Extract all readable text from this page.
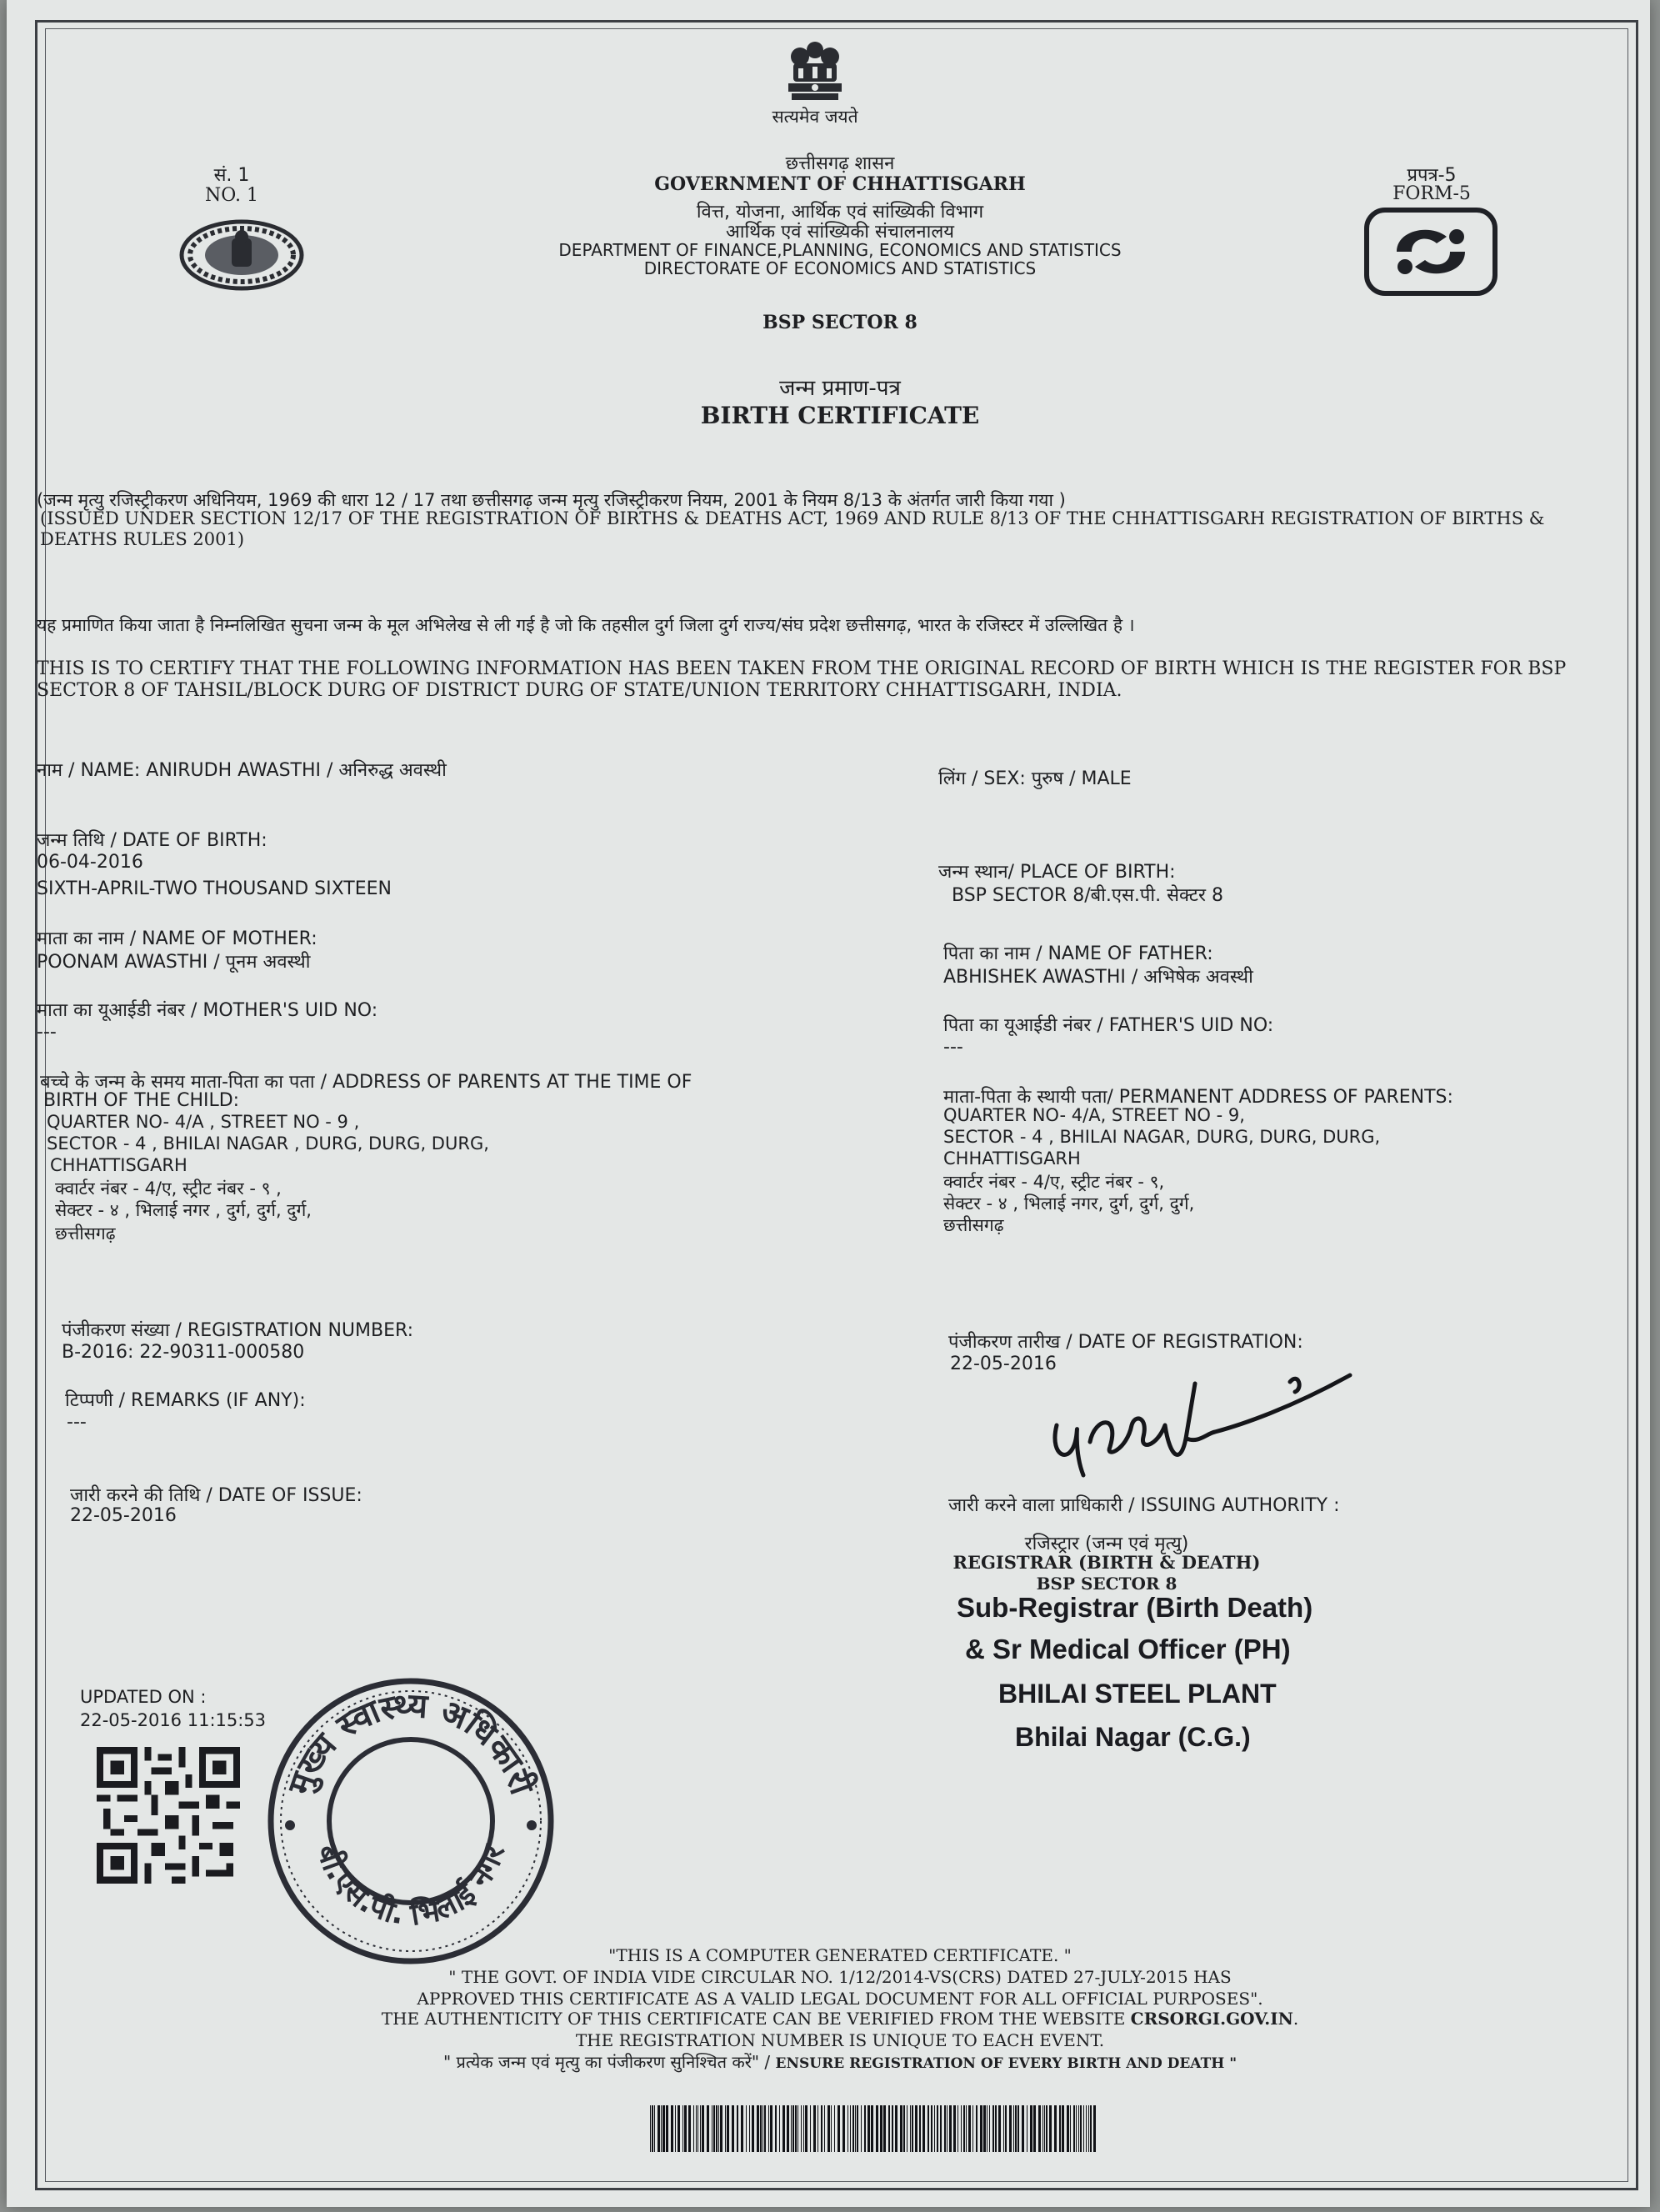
सत्यमेव जयते
सं. 1
NO. 1
प्रपत्र-5
FORM-5
छत्तीसगढ़ शासन
GOVERNMENT OF CHHATTISGARH
वित्त, योजना, आर्थिक एवं सांख्यिकी विभाग
आर्थिक एवं सांख्यिकी संचालनालय
DEPARTMENT OF FINANCE,PLANNING, ECONOMICS AND STATISTICS
DIRECTORATE OF ECONOMICS AND STATISTICS
BSP SECTOR 8
जन्म प्रमाण-पत्र
BIRTH CERTIFICATE
(जन्म मृत्यु रजिस्ट्रीकरण अधिनियम, 1969 की धारा 12 / 17 तथा छत्तीसगढ़ जन्म मृत्यु रजिस्ट्रीकरण नियम, 2001 के नियम 8/13 के अंतर्गत जारी किया गया )
(ISSUED UNDER SECTION 12/17 OF THE REGISTRATION OF BIRTHS & DEATHS ACT, 1969 AND RULE 8/13 OF THE CHHATTISGARH REGISTRATION OF BIRTHS & DEATHS RULES 2001)
यह प्रमाणित किया जाता है निम्नलिखित सुचना जन्म के मूल अभिलेख से ली गई है जो कि तहसील दुर्ग जिला दुर्ग राज्य/संघ प्रदेश छत्तीसगढ़, भारत के रजिस्टर में उल्लिखित है ।
THIS IS TO CERTIFY THAT THE FOLLOWING INFORMATION HAS BEEN TAKEN FROM THE ORIGINAL RECORD OF BIRTH WHICH IS THE REGISTER FOR BSP SECTOR 8 OF TAHSIL/BLOCK DURG OF DISTRICT DURG OF STATE/UNION TERRITORY CHHATTISGARH, INDIA.
नाम / NAME: ANIRUDH AWASTHI / अनिरुद्ध अवस्थी
जन्म तिथि / DATE OF BIRTH:
06-04-2016
SIXTH-APRIL-TWO THOUSAND SIXTEEN
माता का नाम / NAME OF MOTHER:
POONAM AWASTHI / पूनम अवस्थी
माता का यूआईडी नंबर / MOTHER'S UID NO:
---
बच्चे के जन्म के समय माता-पिता का पता / ADDRESS OF PARENTS AT THE TIME OF
BIRTH OF THE CHILD:
QUARTER NO- 4/A , STREET NO - 9 ,
SECTOR - 4 , BHILAI NAGAR , DURG, DURG, DURG,
CHHATTISGARH
क्वार्टर नंबर - 4/ए, स्ट्रीट नंबर - ९ ,
सेक्टर - ४ , भिलाई नगर , दुर्ग, दुर्ग, दुर्ग,
छत्तीसगढ़
पंजीकरण संख्या / REGISTRATION NUMBER:
B-2016: 22-90311-000580
टिप्पणी / REMARKS (IF ANY):
---
जारी करने की तिथि / DATE OF ISSUE:
22-05-2016
लिंग / SEX: पुरुष / MALE
जन्म स्थान/ PLACE OF BIRTH:
BSP SECTOR 8/बी.एस.पी. सेक्टर 8
पिता का नाम / NAME OF FATHER:
ABHISHEK AWASTHI / अभिषेक अवस्थी
पिता का यूआईडी नंबर / FATHER'S UID NO:
---
माता-पिता के स्थायी पता/ PERMANENT ADDRESS OF PARENTS:
QUARTER NO- 4/A, STREET NO - 9,
SECTOR - 4 , BHILAI NAGAR, DURG, DURG, DURG,
CHHATTISGARH
क्वार्टर नंबर - 4/ए, स्ट्रीट नंबर - ९,
सेक्टर - ४ , भिलाई नगर, दुर्ग, दुर्ग, दुर्ग,
छत्तीसगढ़
पंजीकरण तारीख / DATE OF REGISTRATION:
22-05-2016
जारी करने वाला प्राधिकारी / ISSUING AUTHORITY :
रजिस्ट्रार (जन्म एवं मृत्यु)
REGISTRAR (BIRTH & DEATH)
BSP SECTOR 8
Sub-Registrar (Birth Death)
& Sr Medical Officer (PH)
BHILAI STEEL PLANT
Bhilai Nagar (C.G.)
UPDATED ON :
22-05-2016 11:15:53
मुख्य स्वास्थ्य अधिकारी
बी.एस.पी. भिलाई नगर
"THIS IS A COMPUTER GENERATED CERTIFICATE. "
" THE GOVT. OF INDIA VIDE CIRCULAR NO. 1/12/2014-VS(CRS) DATED 27-JULY-2015 HAS
APPROVED THIS CERTIFICATE AS A VALID LEGAL DOCUMENT FOR ALL OFFICIAL PURPOSES".
THE AUTHENTICITY OF THIS CERTIFICATE CAN BE VERIFIED FROM THE WEBSITE CRSORGI.GOV.IN.
THE REGISTRATION NUMBER IS UNIQUE TO EACH EVENT.
" प्रत्येक जन्म एवं मृत्यु का पंजीकरण सुनिश्चित करें" / ENSURE REGISTRATION OF EVERY BIRTH AND DEATH "
